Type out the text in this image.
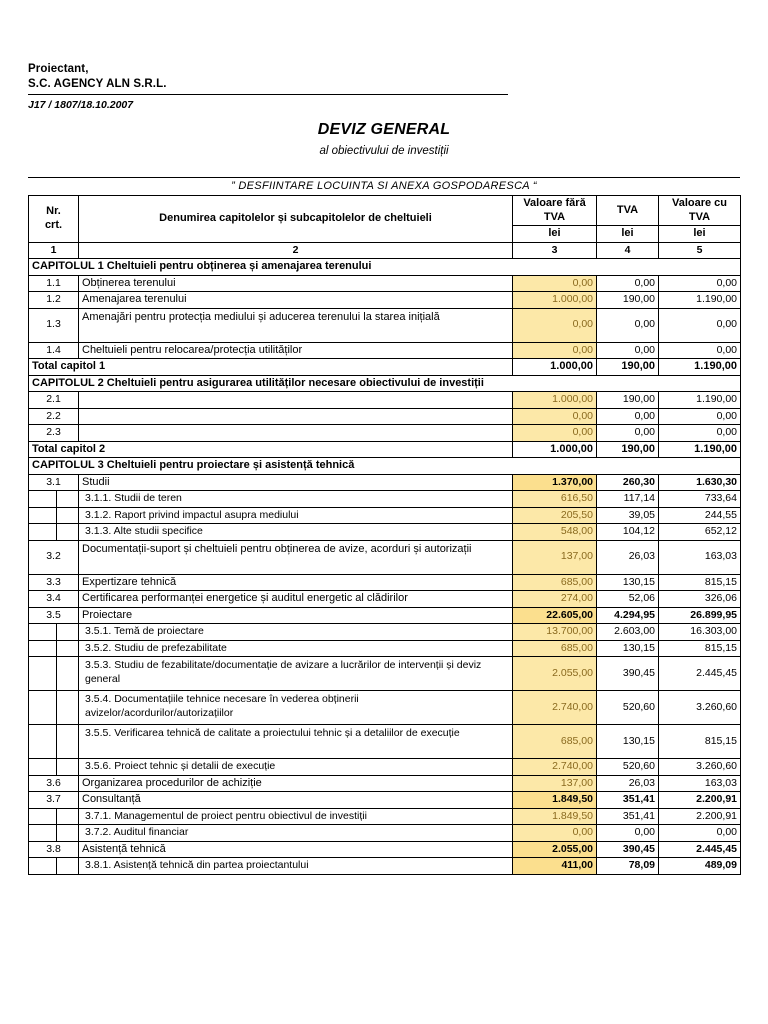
Proiectant,
S.C. AGENCY ALN S.R.L.
J17 / 1807/18.10.2007
DEVIZ GENERAL
al obiectivului de investiții
” DESFIINTARE LOCUINTA SI ANEXA GOSPODARESCA “
Nr.
crt.		Denumirea capitolelor și subcapitolelor de cheltuieli	Valoare fără TVA	TVA	Valoare cu TVA
			lei	lei	lei
1		2	3	4	5
CAPITOLUL 1 Cheltuieli pentru obținerea și amenajarea terenului					
1.1		Obținerea terenului	0,00	0,00	0,00
1.2		Amenajarea terenului	1.000,00	190,00	1.190,00
1.3		Amenajări pentru protecția mediului și aducerea terenului la starea inițială	0,00	0,00	0,00
1.4		Cheltuieli pentru relocarea/protecția utilităților	0,00	0,00	0,00
Total capitol 1			1.000,00	190,00	1.190,00
CAPITOLUL 2 Cheltuieli pentru asigurarea utilităților necesare obiectivului de investiții					
2.1			1.000,00	190,00	1.190,00
2.2			0,00	0,00	0,00
2.3			0,00	0,00	0,00
Total capitol 2			1.000,00	190,00	1.190,00
CAPITOLUL 3 Cheltuieli pentru proiectare și asistență tehnică					
3.1		Studii	1.370,00	260,30	1.630,30
		3.1.1. Studii de teren	616,50	117,14	733,64
		3.1.2. Raport privind impactul asupra mediului	205,50	39,05	244,55
		3.1.3. Alte studii specifice	548,00	104,12	652,12
3.2		Documentații-suport și cheltuieli pentru obținerea de avize, acorduri și autorizații	137,00	26,03	163,03
3.3		Expertizare tehnică	685,00	130,15	815,15
3.4		Certificarea performanței energetice și auditul energetic al clădirilor	274,00	52,06	326,06
3.5		Proiectare	22.605,00	4.294,95	26.899,95
		3.5.1. Temă de proiectare	13.700,00	2.603,00	16.303,00
		3.5.2. Studiu de prefezabilitate	685,00	130,15	815,15
		3.5.3. Studiu de fezabilitate/documentație de avizare a lucrărilor de intervenții și deviz general	2.055,00	390,45	2.445,45
		3.5.4. Documentațiile tehnice necesare în vederea obținerii avizelor/acordurilor/autorizațiilor	2.740,00	520,60	3.260,60
		3.5.5. Verificarea tehnică de calitate a proiectului tehnic și a detaliilor de execuție	685,00	130,15	815,15
		3.5.6. Proiect tehnic și detalii de execuție	2.740,00	520,60	3.260,60
3.6		Organizarea procedurilor de achiziție	137,00	26,03	163,03
3.7		Consultanță	1.849,50	351,41	2.200,91
		3.7.1. Managementul de proiect pentru obiectivul de investiții	1.849,50	351,41	2.200,91
		3.7.2. Auditul financiar	0,00	0,00	0,00
3.8		Asistență tehnică	2.055,00	390,45	2.445,45
		3.8.1. Asistență tehnică din partea proiectantului	411,00	78,09	489,09
